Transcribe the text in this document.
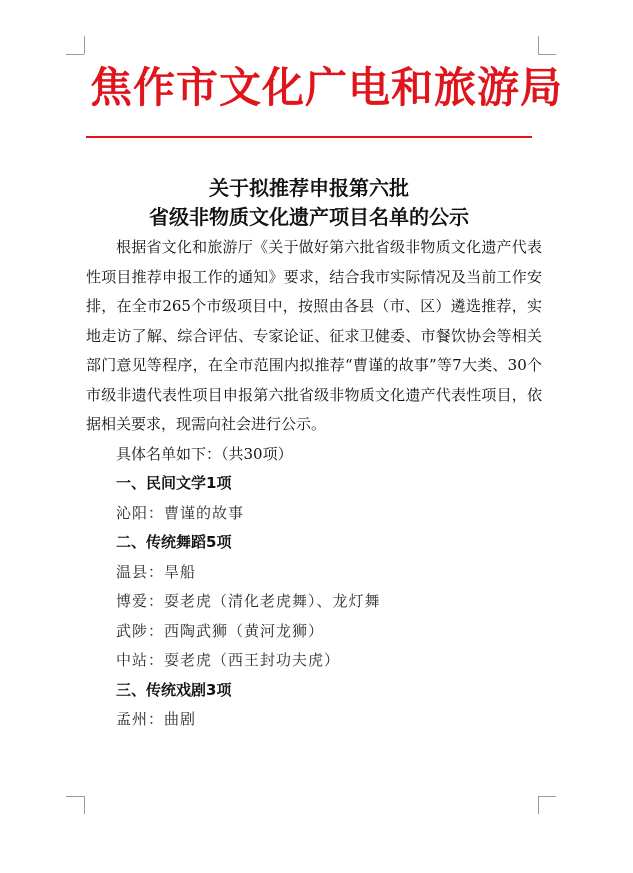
焦作市文化广电和旅游局
关于拟推荐申报第六批
省级非物质文化遗产项目名单的公示

根据省文化和旅游厅《关于做好第六批省级非物质文化遗产代表性项目推荐申报工作的通知》要求，结合我市实际情况及当前工作安排，在全市265个市级项目中，按照由各县（市、区）遴选推荐，实地走访了解、综合评估、专家论证、征求卫健委、市餐饮协会等相关部门意见等程序，在全市范围内拟推荐“曹谨的故事”等7大类、30个市级非遗代表性项目申报第六批省级非物质文化遗产代表性项目，依据相关要求，现需向社会进行公示。

具体名单如下：（共30项）

一、民间文学1项

沁阳：曹谨的故事

二、传统舞蹈5项

温县：旱船

博爱：耍老虎（清化老虎舞）、龙灯舞

武陟：西陶武狮（黄河龙狮）

中站：耍老虎（西王封功夫虎）

三、传统戏剧3项

孟州：曲剧
